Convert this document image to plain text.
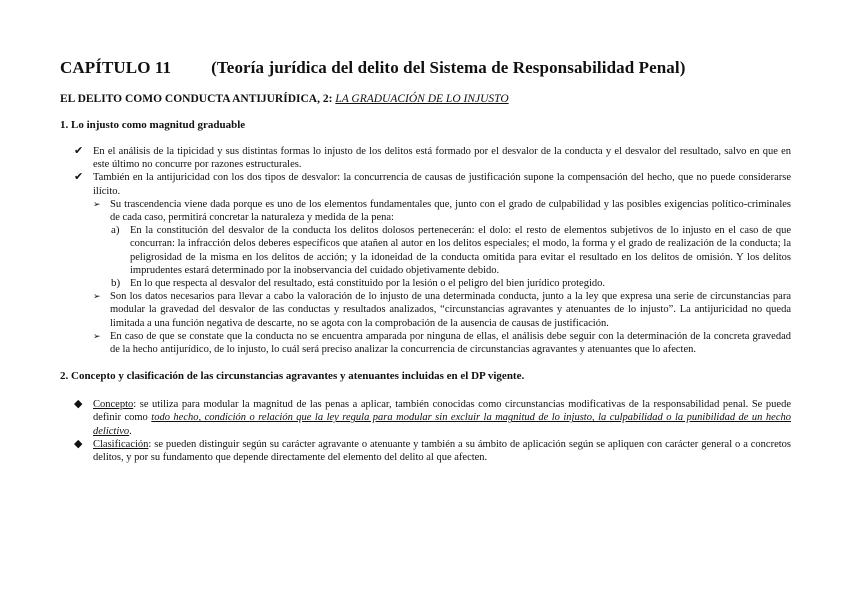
CAPÍTULO 11 (Teoría jurídica del delito del Sistema de Responsabilidad Penal)
EL DELITO COMO CONDUCTA ANTIJURÍDICA, 2: LA GRADUACIÓN DE LO INJUSTO
1. Lo injusto como magnitud graduable
✔ En el análisis de la tipicidad y sus distintas formas lo injusto de los delitos está formado por el desvalor de la conducta y el desvalor del resultado, salvo en que en este último no concurre por razones estructurales.
✔ También en la antijuricidad con los dos tipos de desvalor: la concurrencia de causas de justificación supone la compensación del hecho, que no puede considerarse ilícito.
➢ Su trascendencia viene dada porque es uno de los elementos fundamentales que, junto con el grado de culpabilidad y las posibles exigencias político-criminales de cada caso, permitirá concretar la naturaleza y medida de la pena:
a) En la constitución del desvalor de la conducta los delitos dolosos pertenecerán: el dolo: el resto de elementos subjetivos de lo injusto en el caso de que concurran: la infracción delos deberes específicos que atañen al autor en los delitos especiales; el modo, la forma y el grado de realización de la conducta; la peligrosidad de la misma en los delitos de acción; y la idoneidad de la conducta omitida para evitar el resultado en los delitos de omisión. Y los delitos imprudentes estará determinado por la inobservancia del cuidado objetivamente debido.
b) En lo que respecta al desvalor del resultado, está constituido por la lesión o el peligro del bien jurídico protegido.
➢ Son los datos necesarios para llevar a cabo la valoración de lo injusto de una determinada conducta, junto a la ley que expresa una serie de circunstancias para modular la gravedad del desvalor de las conductas y resultados analizados, “circunstancias agravantes y atenuantes de lo injusto”. La antijuricidad no queda limitada a una función negativa de descarte, no se agota con la comprobación de la ausencia de causas de justificación.
➢ En caso de que se constate que la conducta no se encuentra amparada por ninguna de ellas, el análisis debe seguir con la determinación de la concreta gravedad de la hecho antijurídico, de lo injusto, lo cuál será preciso analizar la concurrencia de circunstancias agravantes y atenuantes que lo afecten.
2. Concepto y clasificación de las circunstancias agravantes y atenuantes incluidas en el DP vigente.
◆ Concepto: se utiliza para modular la magnitud de las penas a aplicar, también conocidas como circunstancias modificativas de la responsabilidad penal. Se puede definir como todo hecho, condición o relación que la ley regula para modular sin excluir la magnitud de lo injusto, la culpabilidad o la punibilidad de un hecho delictivo.
◆ Clasificación: se pueden distinguir según su carácter agravante o atenuante y también a su ámbito de aplicación según se apliquen con carácter general o a concretos delitos, y por su fundamento que depende directamente del elemento del delito al que afecten.
